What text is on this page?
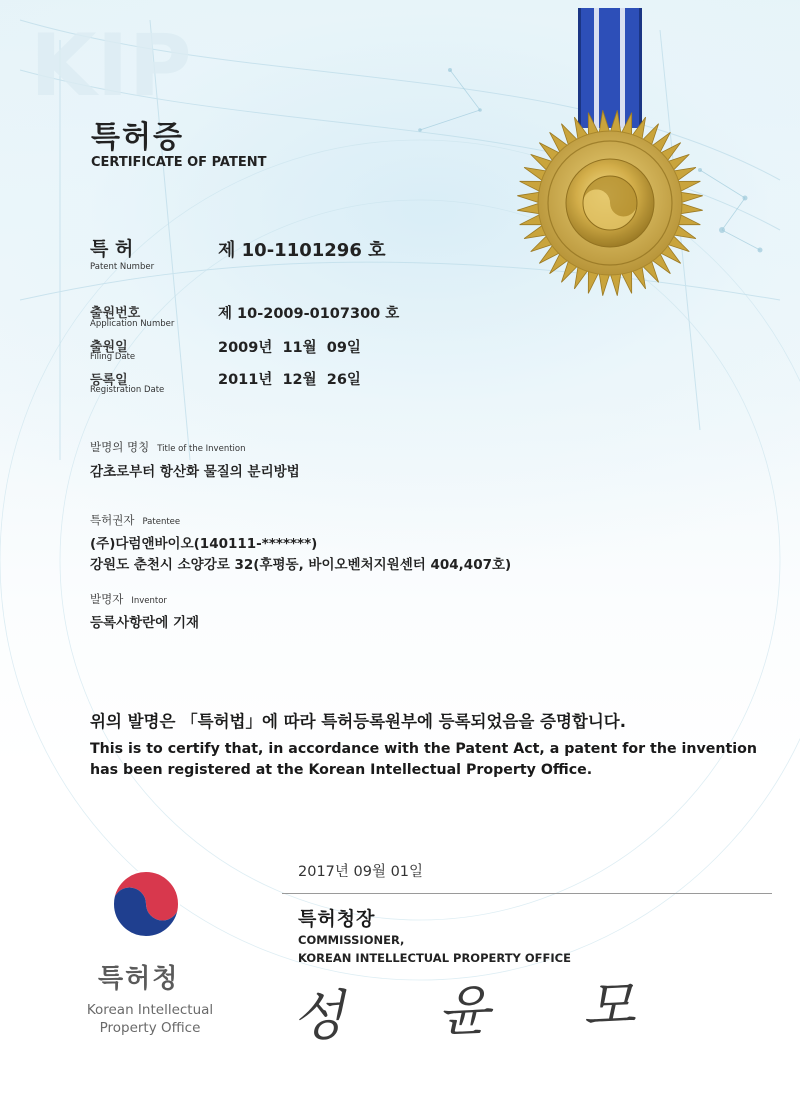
KIP
특허증
CERTIFICATE OF PATENT
특 허
Patent Number
제 10-1101296 호
출원번호
Application Number
제 10-2009-0107300 호
출원일
Filing Date
2009년  11월  09일
등록일
Registration Date
2011년  12월  26일
발명의 명칭 Title of the Invention
감초로부터 항산화 물질의 분리방법
특허권자 Patentee
(주)다럼앤바이오(140111-*******)
강원도 춘천시 소양강로 32(후평동, 바이오벤처지원센터 404,407호)
발명자 Inventor
등록사항란에 기재
위의 발명은 「특허법」에 따라 특허등록원부에 등록되었음을 증명합니다.
This is to certify that, in accordance with the Patent Act, a patent for the invention
has been registered at the Korean Intellectual Property Office.
2017년 09월 01일
특허청장
COMMISSIONER,
KOREAN INTELLECTUAL PROPERTY OFFICE
성 윤 모
특허청
Korean Intellectual
Property Office
